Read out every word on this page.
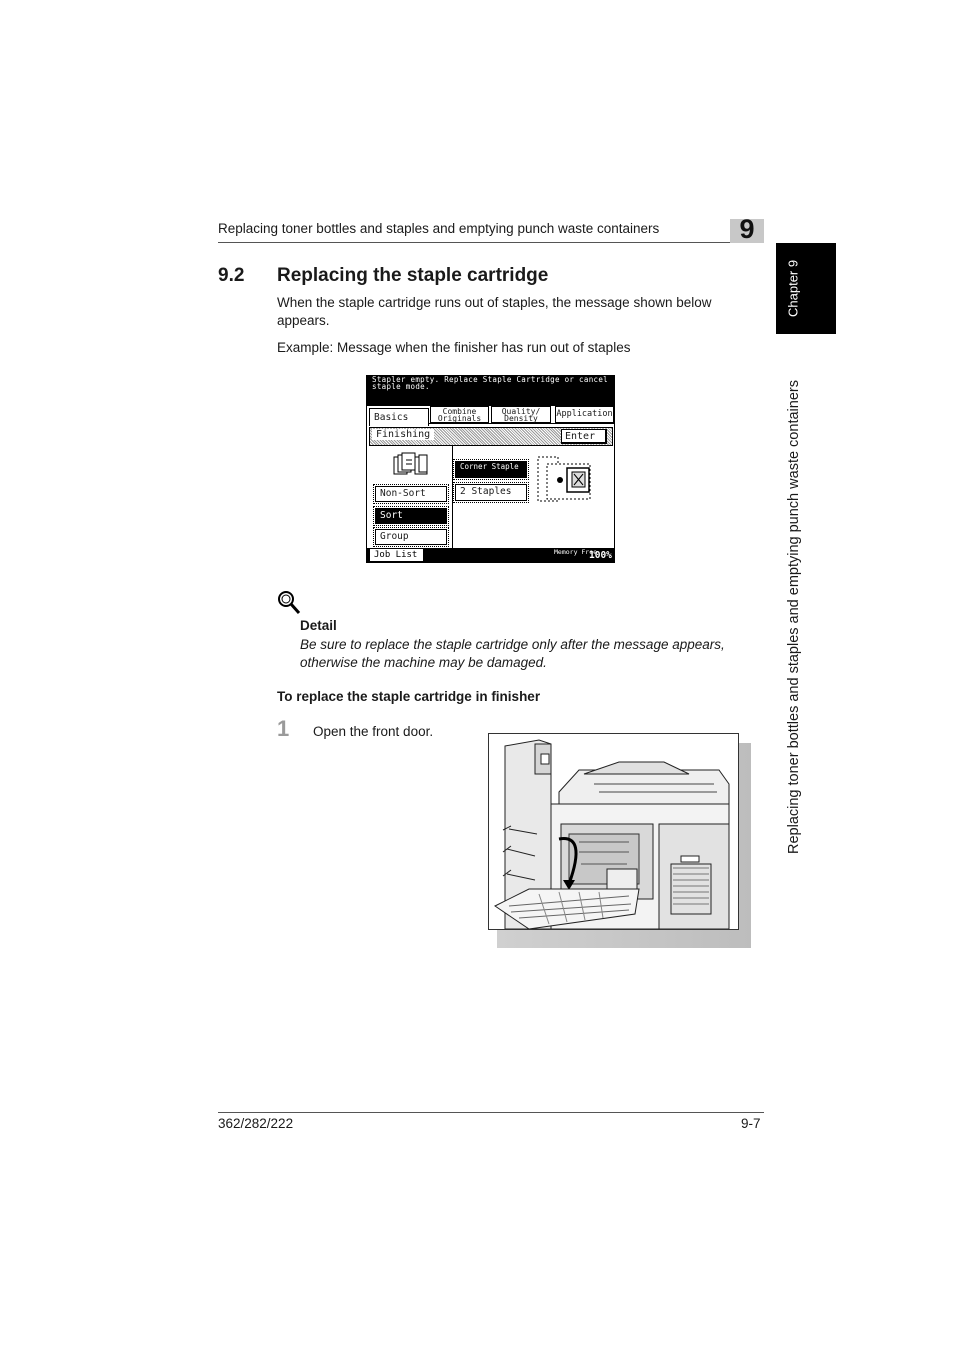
Replacing toner bottles and staples and emptying punch waste containers	9
Chapter 9
Replacing toner bottles and staples and emptying punch waste containers
9.2 Replacing the staple cartridge
When the staple cartridge runs out of staples, the message shown below appears.
Example: Message when the finisher has run out of staples
Stapler empty. Replace Staple Cartridge or cancel staple mode.
Basics
Combine Originals
Quality/ Density	Application
Finishing	Enter
Non-Sort
Sort
Group
Corner Staple
2 Staples
Job List	Memory Free
100%
Detail
Be sure to replace the staple cartridge only after the message appears, otherwise the machine may be damaged.
To replace the staple cartridge in finisher
1 Open the front door.
362/282/222	9-7
